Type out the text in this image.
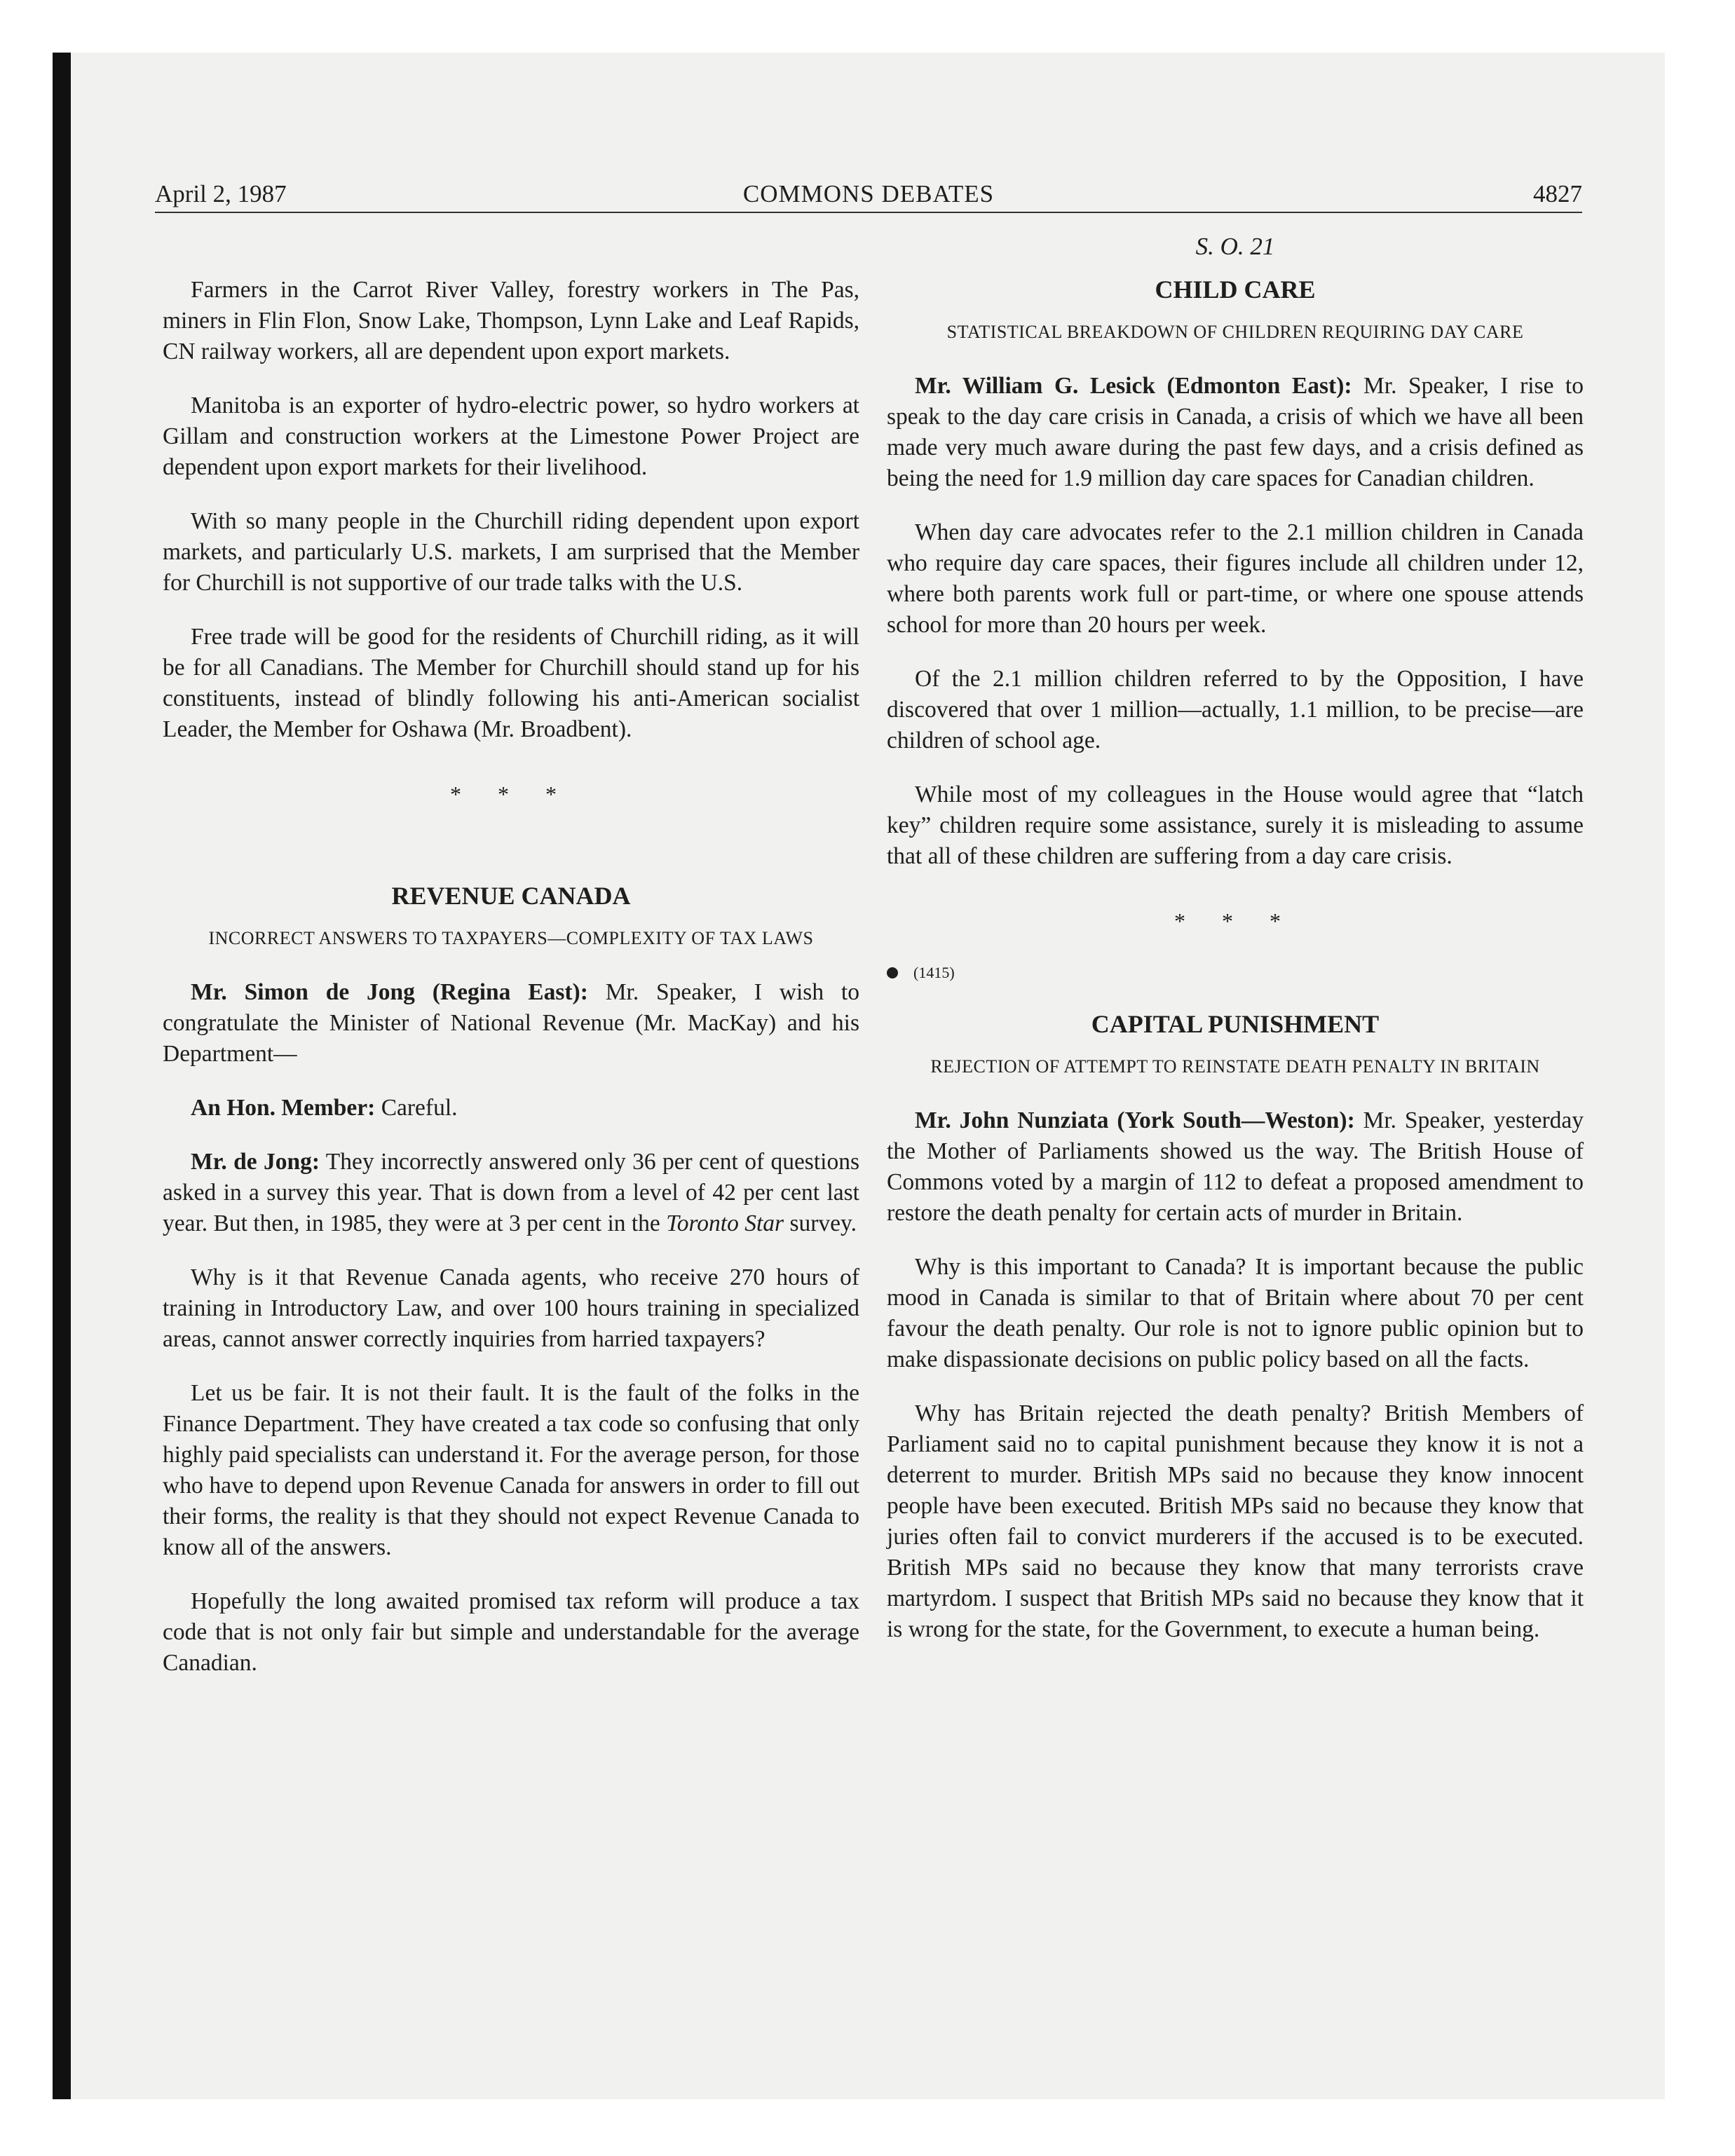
April 2, 1987	COMMONS DEBATES	4827

Farmers in the Carrot River Valley, forestry workers in The Pas, miners in Flin Flon, Snow Lake, Thompson, Lynn Lake and Leaf Rapids, CN railway workers, all are dependent upon export markets.

Manitoba is an exporter of hydro-electric power, so hydro workers at Gillam and construction workers at the Limestone Power Project are dependent upon export markets for their livelihood.

With so many people in the Churchill riding dependent upon export markets, and particularly U.S. markets, I am surprised that the Member for Churchill is not supportive of our trade talks with the U.S.

Free trade will be good for the residents of Churchill riding, as it will be for all Canadians. The Member for Churchill should stand up for his constituents, instead of blindly following his anti-American socialist Leader, the Member for Oshawa (Mr. Broadbent).

* * *
REVENUE CANADA
INCORRECT ANSWERS TO TAXPAYERS—COMPLEXITY OF TAX LAWS

Mr. Simon de Jong (Regina East): Mr. Speaker, I wish to congratulate the Minister of National Revenue (Mr. MacKay) and his Department—

An Hon. Member: Careful.

Mr. de Jong: They incorrectly answered only 36 per cent of questions asked in a survey this year. That is down from a level of 42 per cent last year. But then, in 1985, they were at 3 per cent in the Toronto Star survey.

Why is it that Revenue Canada agents, who receive 270 hours of training in Introductory Law, and over 100 hours training in specialized areas, cannot answer correctly inquiries from harried taxpayers?

Let us be fair. It is not their fault. It is the fault of the folks in the Finance Department. They have created a tax code so confusing that only highly paid specialists can understand it. For the average person, for those who have to depend upon Revenue Canada for answers in order to fill out their forms, the reality is that they should not expect Revenue Canada to know all of the answers.

Hopefully the long awaited promised tax reform will produce a tax code that is not only fair but simple and understandable for the average Canadian.

S. O. 21
CHILD CARE
STATISTICAL BREAKDOWN OF CHILDREN REQUIRING DAY CARE

Mr. William G. Lesick (Edmonton East): Mr. Speaker, I rise to speak to the day care crisis in Canada, a crisis of which we have all been made very much aware during the past few days, and a crisis defined as being the need for 1.9 million day care spaces for Canadian children.

When day care advocates refer to the 2.1 million children in Canada who require day care spaces, their figures include all children under 12, where both parents work full or part-time, or where one spouse attends school for more than 20 hours per week.

Of the 2.1 million children referred to by the Opposition, I have discovered that over 1 million—actually, 1.1 million, to be precise—are children of school age.

While most of my colleagues in the House would agree that “latch key” children require some assistance, surely it is misleading to assume that all of these children are suffering from a day care crisis.

* * *
(1415)
CAPITAL PUNISHMENT
REJECTION OF ATTEMPT TO REINSTATE DEATH PENALTY IN BRITAIN

Mr. John Nunziata (York South—Weston): Mr. Speaker, yesterday the Mother of Parliaments showed us the way. The British House of Commons voted by a margin of 112 to defeat a proposed amendment to restore the death penalty for certain acts of murder in Britain.

Why is this important to Canada? It is important because the public mood in Canada is similar to that of Britain where about 70 per cent favour the death penalty. Our role is not to ignore public opinion but to make dispassionate decisions on public policy based on all the facts.

Why has Britain rejected the death penalty? British Members of Parliament said no to capital punishment because they know it is not a deterrent to murder. British MPs said no because they know innocent people have been executed. British MPs said no because they know that juries often fail to convict murderers if the accused is to be executed. British MPs said no because they know that many terrorists crave martyrdom. I suspect that British MPs said no because they know that it is wrong for the state, for the Government, to execute a human being.
